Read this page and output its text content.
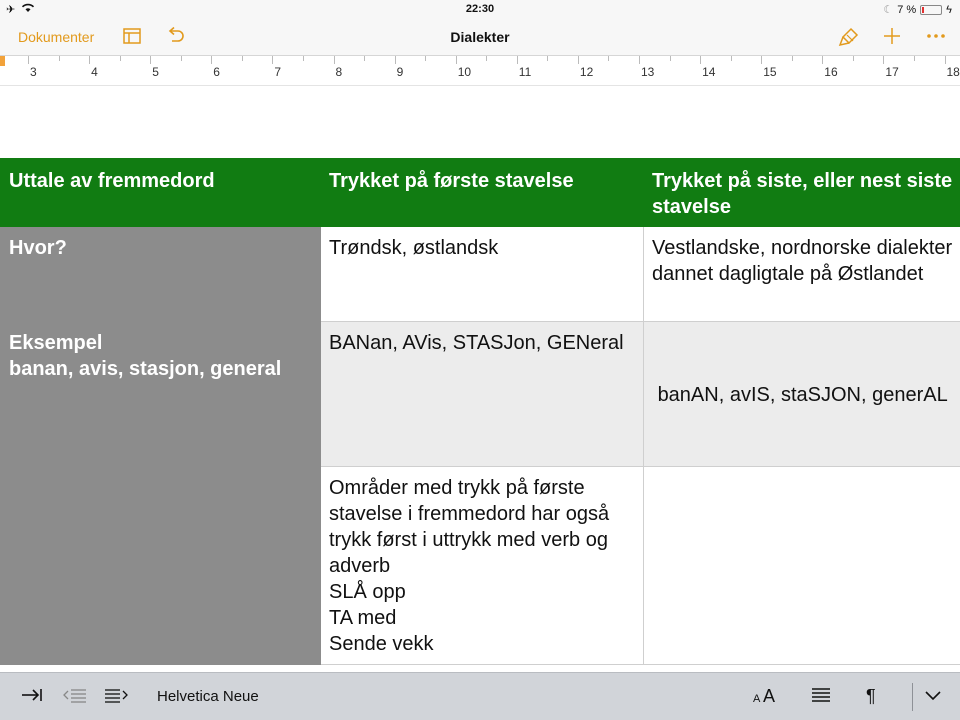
✈	22:30	☾ 7 %	ϟ
Dokumenter	Dialekter
3	4	5	6	7	8	9	10	11	12	13	14	15	16	17	18
Uttale av fremmedord	Trykket på første stavelse	Trykket på siste, eller nest siste stavelse

Hvor?	Trøndsk, østlandsk	Vestlandske, nordnorske dialekter
dannet dagligtale på Østlandet

Eksempel
banan, avis, stasjon, general	BANan, AVis, STASJon, GENeral	banAN, avIS, staSJON, generAL

	Områder med trykk på første stavelse i fremmedord har også trykk først i uttrykk med verb og adverb
SLÅ opp
TA med
Sende vekk	

Helvetica Neue	A A	¶
